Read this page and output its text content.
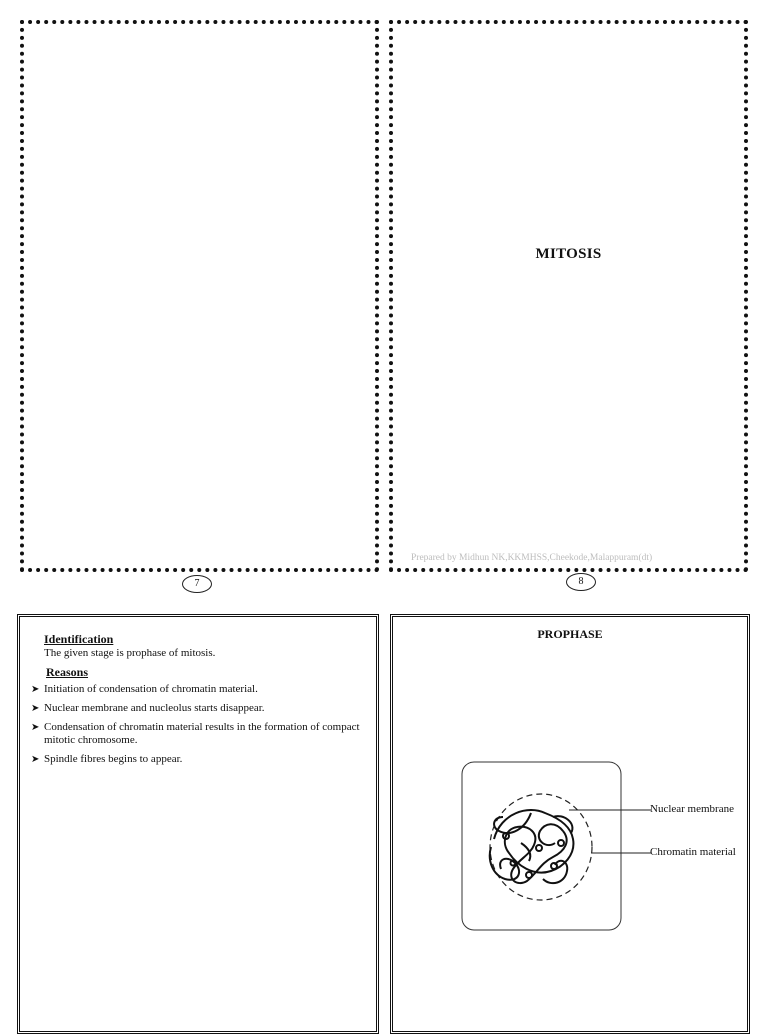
7
MITOSIS
Prepared by Midhun NK,KKMHSS,Cheekode,Malappuram(dt)
8
Identification
The given stage is prophase of mitosis.
Reasons
➤ Initiation of condensation of chromatin material.
➤ Nuclear membrane and nucleolus starts disappear.
➤ Condensation of chromatin material results in the formation of compact mitotic chromosome.
➤ Spindle fibres begins to appear.
PROPHASE
Nuclear membrane
Chromatin material
